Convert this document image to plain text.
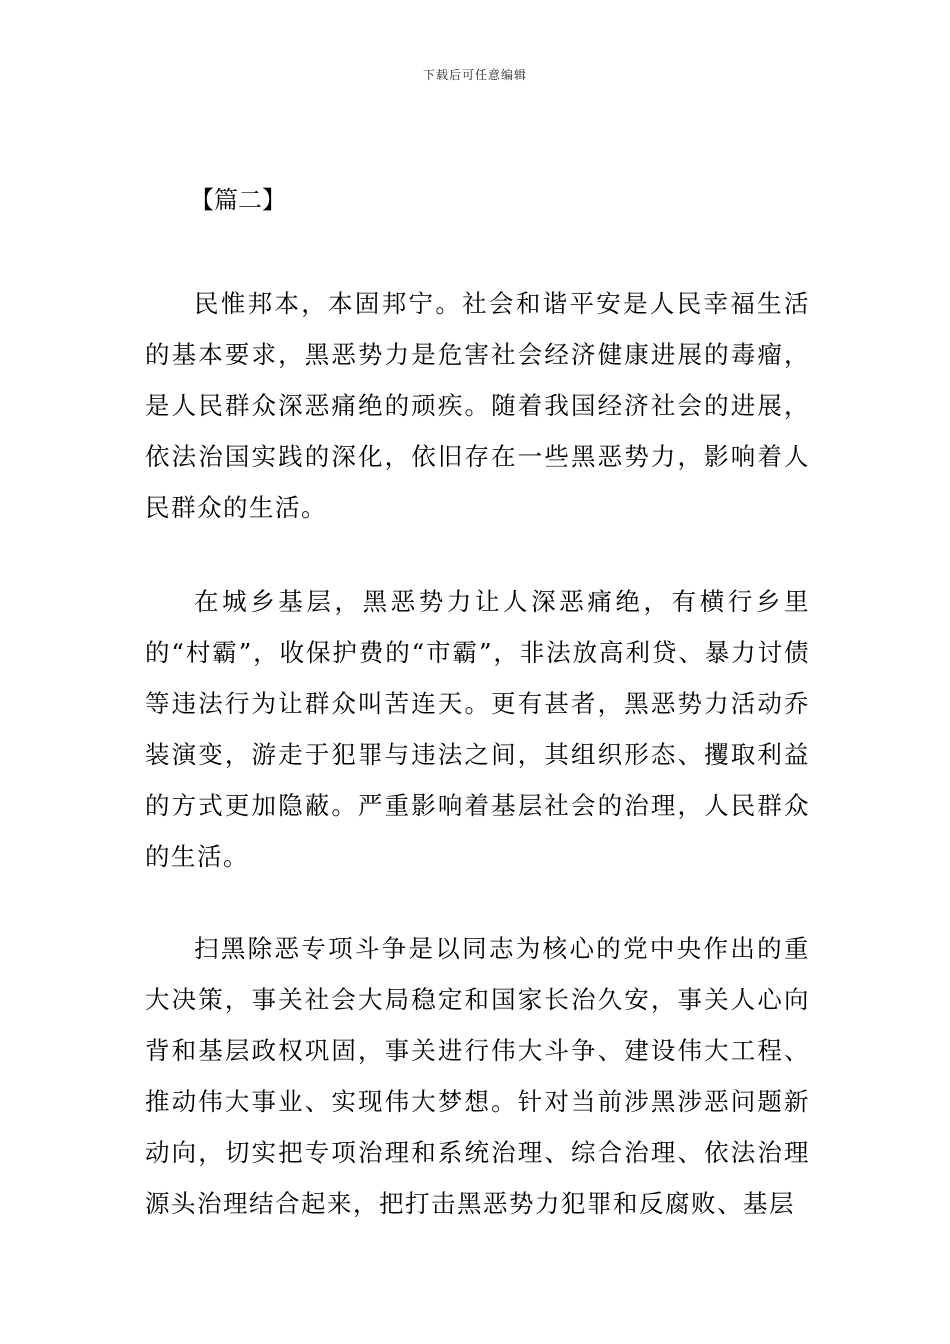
下载后可任意编辑
【篇二】

民惟邦本，本固邦宁。社会和谐平安是人民幸福生活的基本要求，黑恶势力是危害社会经济健康进展的毒瘤，是人民群众深恶痛绝的顽疾。随着我国经济社会的进展，依法治国实践的深化，依旧存在一些黑恶势力，影响着人民群众的生活。

在城乡基层，黑恶势力让人深恶痛绝，有横行乡里的“村霸”，收保护费的“市霸”，非法放高利贷、暴力讨债等违法行为让群众叫苦连天。更有甚者，黑恶势力活动乔装演变，游走于犯罪与违法之间，其组织形态、攫取利益的方式更加隐蔽。严重影响着基层社会的治理，人民群众的生活。

扫黑除恶专项斗争是以同志为核心的党中央作出的重大决策，事关社会大局稳定和国家长治久安，事关人心向背和基层政权巩固，事关进行伟大斗争、建设伟大工程、推动伟大事业、实现伟大梦想。针对当前涉黑涉恶问题新动向，切实把专项治理和系统治理、综合治理、依法治理源头治理结合起来，把打击黑恶势力犯罪和反腐败、基层
